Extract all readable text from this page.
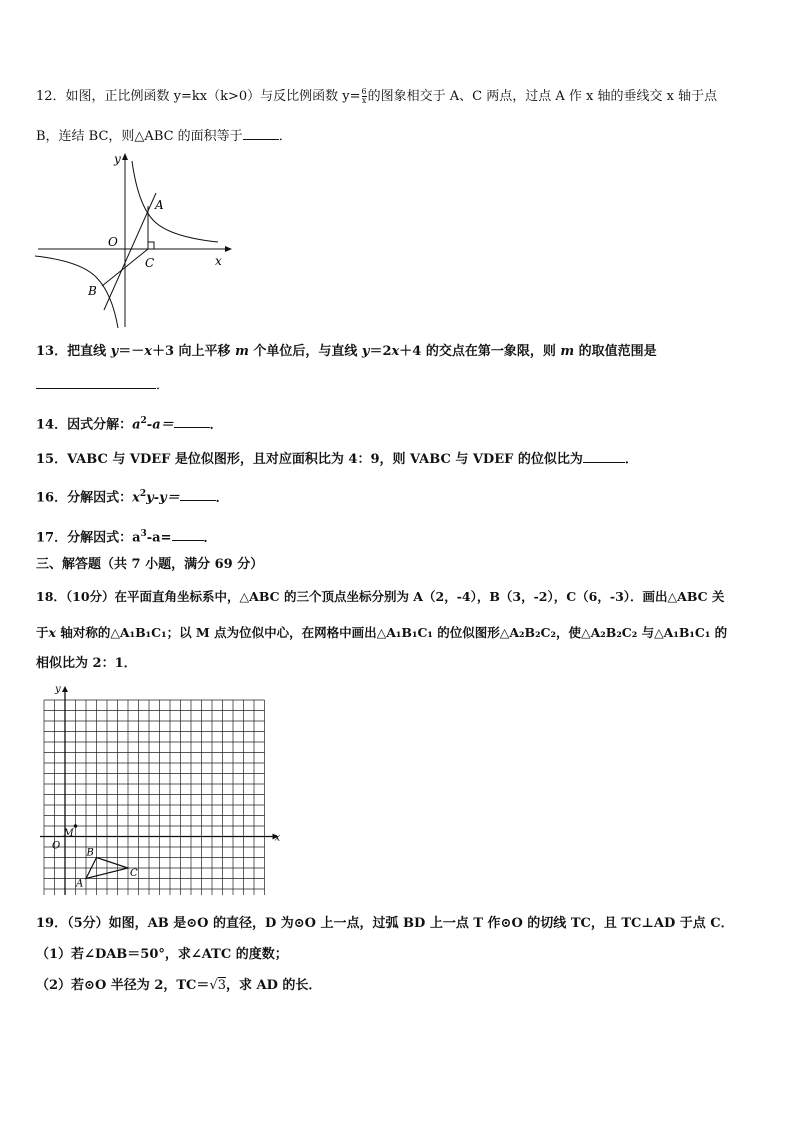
12．如图，正比例函数 y=kx（k>0）与反比例函数 $y= \frac{6}{x}$ 的图象相交于 A、C 两点，过点 A 作 x 轴的垂线交 x 轴于点
B，连结 BC，则△ABC 的面积等于	．
y
x
O
A
B
C
13．把直线 y＝－x＋3 向上平移 m 个单位后，与直线 y＝2x＋4 的交点在第一象限，则 m 的取值范围是
．
14．因式分解：$a^2-a=$	．
15．VABC 与 VDEF 是位似图形，且对应面积比为 4：9，则 VABC 与 VDEF 的位似比为	．
16．分解因式：$x^2y-y=$	．
17．分解因式：$a^3-a=$ ．
三、解答题（共 7 小题，满分 69 分）
18．（10分）在平面直角坐标系中，△ABC 的三个顶点坐标分别为 A（2，-4），B（3，-2），C（6，-3）．画出△ABC 关
于x 轴对称的△A₁B₁C₁；以 M 点为位似中心，在网格中画出△A₁B₁C₁ 的位似图形△A₂B₂C₂，使△A₂B₂C₂ 与△A₁B₁C₁ 的
相似比为 2：1．
y
x
O
M
A
B
C
19．（5分）如图，AB 是⊙O 的直径，D 为⊙O 上一点，过弧 BD 上一点 T 作⊙O 的切线 TC，且 TC⊥AD 于点 C．
（1）若∠DAB＝50°，求∠ATC 的度数；
（2）若⊙O 半径为 2，TC＝√3，求 AD 的长．
